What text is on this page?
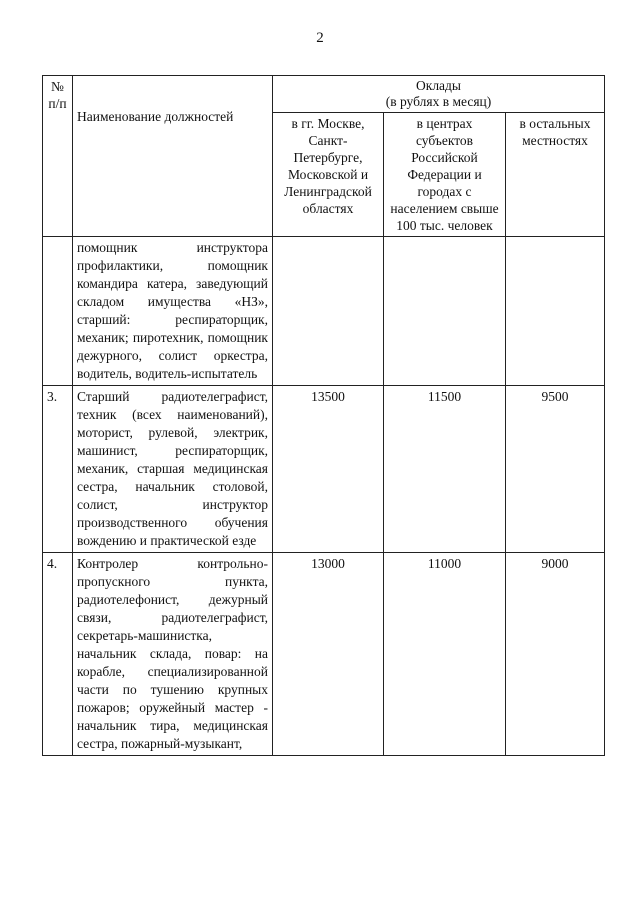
2
№ п/п	Наименование должностей	Оклады
(в рублях в месяц)		

		в гг. Москве, Санкт-Петербурге, Московской и Ленинградской областях	в центрах субъектов Российской Федерации и городах с населением свыше 100 тыс. человек	в остальных местностях
	помощник инструктора профилактики, помощник командира катера, заведующий складом имущества «НЗ», старший: респираторщик, механик; пиротехник, помощник дежурного, солист оркестра, водитель, водитель-испытатель			
3.	Старший радиотелеграфист, техник (всех наименований), моторист, рулевой, электрик, машинист, респираторщик, механик, старшая медицинская сестра, начальник столовой, солист, инструктор производственного обучения вождению и практической езде	13500	11500	9500
4.	Контролер контрольно-пропускного пункта, радиотелефонист, дежурный связи, радиотелеграфист, секретарь-машинистка, начальник склада, повар: на корабле, специализированной части по тушению крупных пожаров; оружейный мастер - начальник тира, медицинская сестра, пожарный-музыкант,	13000	11000	9000
